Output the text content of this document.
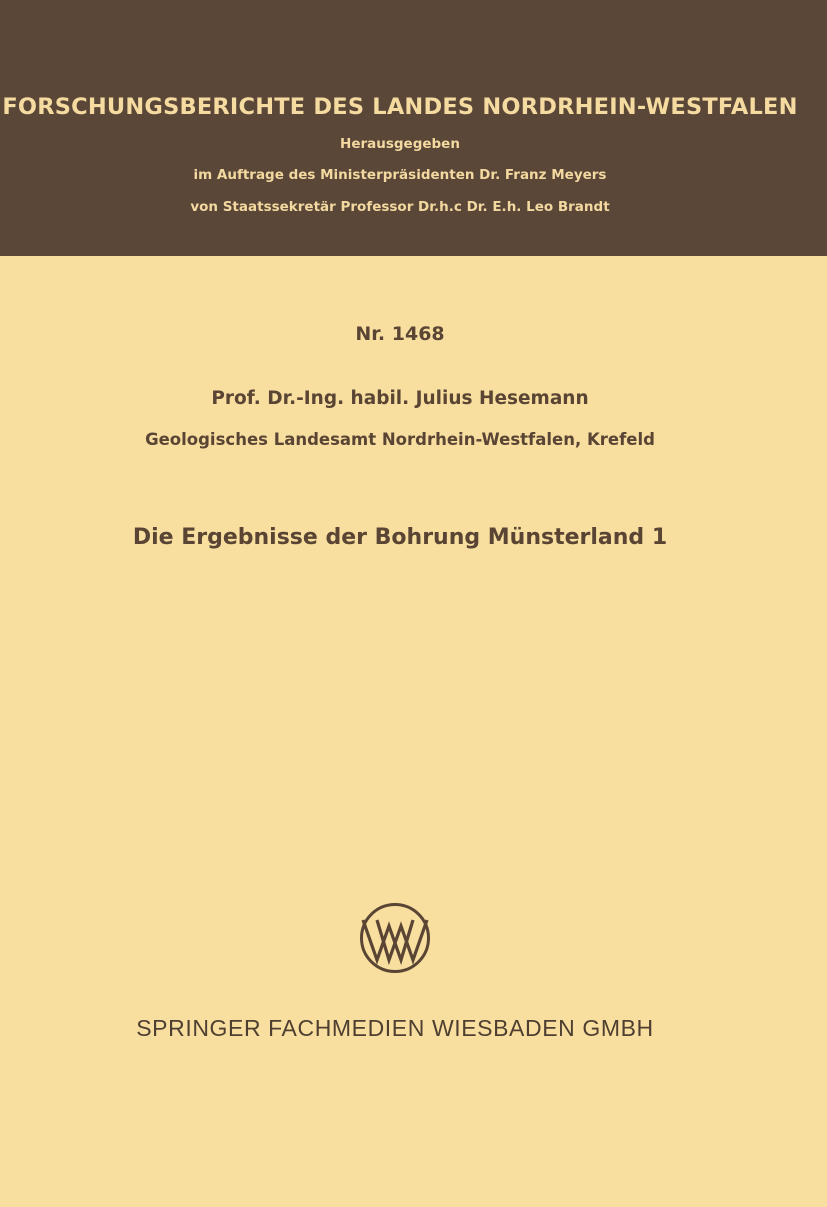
FORSCHUNGSBERICHTE DES LANDES NORDRHEIN-WESTFALEN
Herausgegeben
im Auftrage des Ministerpräsidenten Dr. Franz Meyers
von Staatssekretär Professor Dr.h.c Dr. E.h. Leo Brandt
Nr. 1468
Prof. Dr.-Ing. habil. Julius Hesemann
Geologisches Landesamt Nordrhein-Westfalen, Krefeld
Die Ergebnisse der Bohrung Münsterland 1
SPRINGER FACHMEDIEN WIESBADEN GMBH
